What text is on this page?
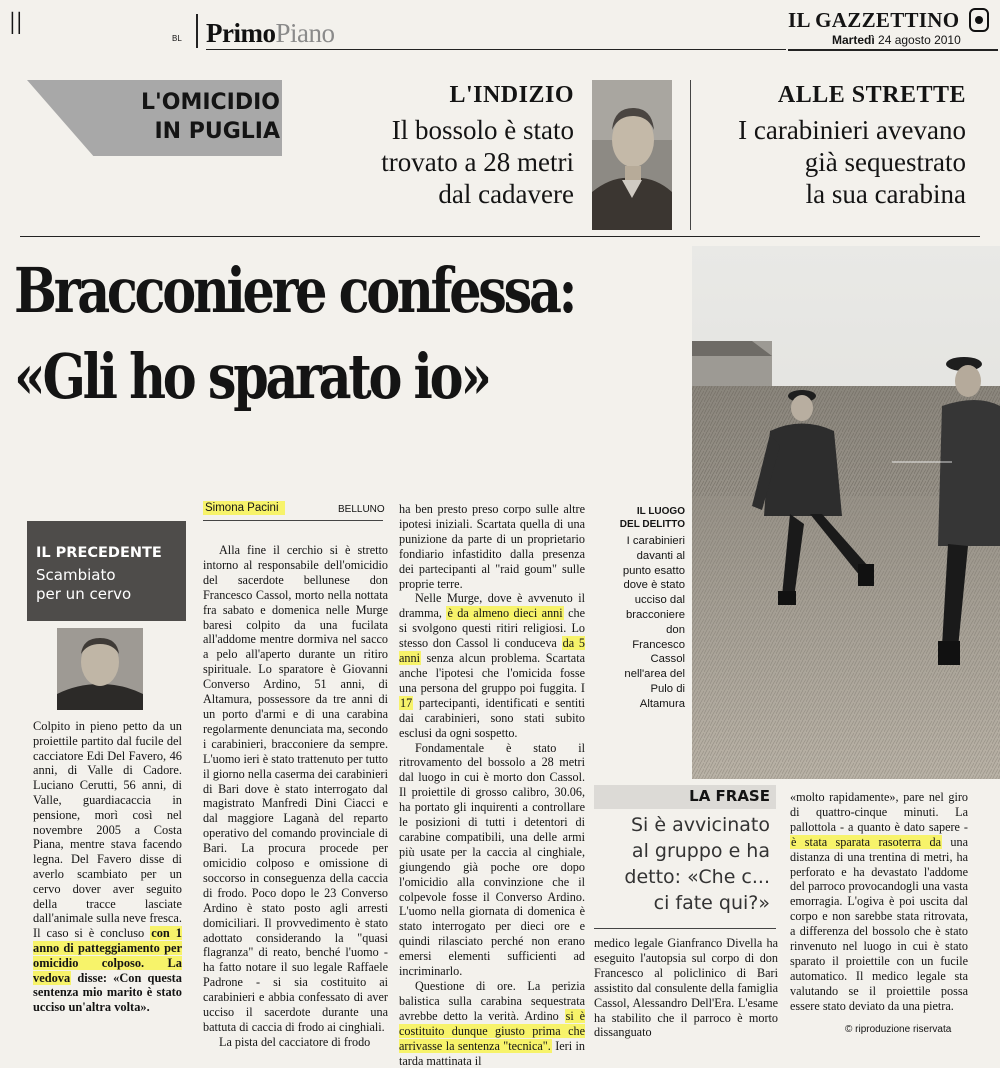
II	BL PrimoPiano	IL GAZZETTINO
Martedì 24 agosto 2010
L'OMICIDIO
IN PUGLIA
L'INDIZIO
Il bossolo è stato
trovato a 28 metri
dal cadavere
ALLE STRETTE
I carabinieri avevano
già sequestrato
la sua carabina
Bracconiere confessa:
«Gli ho sparato io»
IL PRECEDENTE
Scambiato
per un cervo
Colpito in pieno petto da un proiettile partito dal fucile del cacciatore Edi Del Favero, 46 anni, di Valle di Cadore. Luciano Cerutti, 56 anni, di Valle, guardiacaccia in pensione, morì così nel novembre 2005 a Costa Piana, mentre stava facendo legna. Del Favero disse di averlo scambiato per un cervo dover aver seguito della tracce lasciate dall'animale sulla neve fresca. Il caso si è concluso con 1 anno di patteggiamento per omicidio colposo. La vedova disse: «Con questa sentenza mio marito è stato ucciso un'altra volta».
Simona Pacini	BELLUNO

Alla fine il cerchio si è stretto intorno al responsabile dell'omicidio del sacerdote bellunese don Francesco Cassol, morto nella nottata fra sabato e domenica nelle Murge baresi colpito da una fucilata all'addome mentre dormiva nel sacco a pelo all'aperto durante un ritiro spirituale. Lo sparatore è Giovanni Converso Ardino, 51 anni, di Altamura, possessore da tre anni di un porto d'armi e di una carabina regolarmente denunciata ma, secondo i carabinieri, bracconiere da sempre. L'uomo ieri è stato trattenuto per tutto il giorno nella caserma dei carabinieri di Bari dove è stato interrogato dal magistrato Manfredi Dini Ciacci e dal maggiore Laganà del reparto operativo del comando provinciale di Bari. La procura procede per omicidio colposo e omissione di soccorso in conseguenza della caccia di frodo. Poco dopo le 23 Converso Ardino è stato posto agli arresti domiciliari. Il provvedimento è stato adottato considerando la "quasi flagranza" di reato, benché l'uomo - ha fatto notare il suo legale Raffaele Padrone - si sia costituito ai carabinieri e abbia confessato di aver ucciso il sacerdote durante una battuta di caccia di frodo ai cinghiali.

La pista del cacciatore di frodo

ha ben presto preso corpo sulle altre ipotesi iniziali. Scartata quella di una punizione da parte di un proprietario fondiario infastidito dalla presenza dei partecipanti al "raid goum" sulle proprie terre.

Nelle Murge, dove è avvenuto il dramma, è da almeno dieci anni che si svolgono questi ritiri religiosi. Lo stesso don Cassol li conduceva da 5 anni senza alcun problema. Scartata anche l'ipotesi che l'omicida fosse una persona del gruppo poi fuggita. I 17 partecipanti, identificati e sentiti dai carabinieri, sono stati subito esclusi da ogni sospetto.

Fondamentale è stato il ritrovamento del bossolo a 28 metri dal luogo in cui è morto don Cassol. Il proiettile di grosso calibro, 30.06, ha portato gli inquirenti a controllare le posizioni di tutti i detentori di carabine compatibili, una delle armi più usate per la caccia al cinghiale, giungendo già poche ore dopo l'omicidio alla convinzione che il colpevole fosse il Converso Ardino. L'uomo nella giornata di domenica è stato interrogato per dieci ore e quindi rilasciato perché non erano emersi elementi sufficienti ad incriminarlo.

Questione di ore. La perizia balistica sulla carabina sequestrata avrebbe detto la verità. Ardino si è costituito dunque giusto prima che arrivasse la sentenza "tecnica". Ieri in tarda mattinata il

IL LUOGO
DEL DELITTO
I carabinieri davanti al punto esatto dove è stato ucciso dal bracconiere don Francesco Cassol nell'area del Pulo di Altamura
LA FRASE
Si è avvicinato
al gruppo e ha
detto: «Che c...
ci fate qui?»
medico legale Gianfranco Divella ha eseguito l'autopsia sul corpo di don Francesco al policlinico di Bari assistito dal consulente della famiglia Cassol, Alessandro Dell'Era. L'esame ha stabilito che il parroco è morto dissanguato
«molto rapidamente», pare nel giro di quattro-cinque minuti. La pallottola - a quanto è dato sapere - è stata sparata rasoterra da una distanza di una trentina di metri, ha perforato e ha devastato l'addome del parroco provocandogli una vasta emorragia. L'ogiva è poi uscita dal corpo e non sarebbe stata ritrovata, a differenza del bossolo che è stato rinvenuto nel luogo in cui è stato sparato il proiettile con un fucile automatico. Il medico legale sta valutando se il proiettile possa essere stato deviato da una pietra.
© riproduzione riservata
